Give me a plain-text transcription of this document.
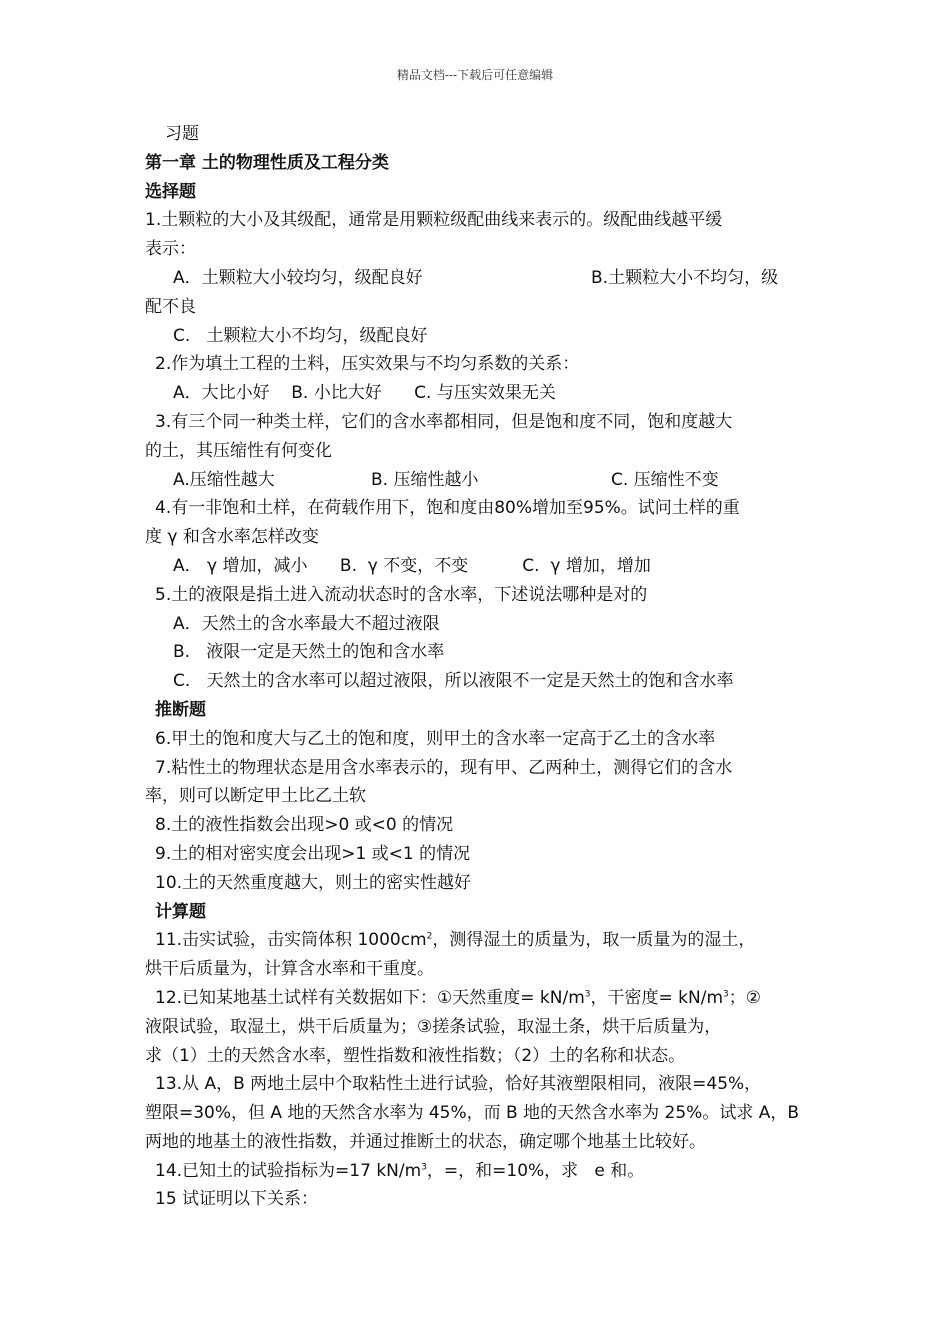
精品文档---下载后可任意编辑
习题
第一章 土的物理性质及工程分类
选择题
1.土颗粒的大小及其级配，通常是用颗粒级配曲线来表示的。级配曲线越平缓
表示：
A．土颗粒大小较均匀，级配良好	B.土颗粒大小不均匀，级
配不良
C.   土颗粒大小不均匀，级配良好
2.作为填土工程的土料，压实效果与不均匀系数的关系：
A．大比小好    B. 小比大好      C. 与压实效果无关
3.有三个同一种类土样，它们的含水率都相同，但是饱和度不同，饱和度越大
的土，其压缩性有何变化
A.压缩性越大	B. 压缩性越小	C. 压缩性不变
4.有一非饱和土样，在荷载作用下，饱和度由80%增加至95%。试问土样的重
度 γ 和含水率怎样改变
A． γ 增加，减小      B.  γ 不变，不变          C.  γ 增加，增加
5.土的液限是指土进入流动状态时的含水率，下述说法哪种是对的
A．天然土的含水率最大不超过液限
B.   液限一定是天然土的饱和含水率
C.   天然土的含水率可以超过液限，所以液限不一定是天然土的饱和含水率
推断题
6.甲土的饱和度大与乙土的饱和度，则甲土的含水率一定高于乙土的含水率
7.粘性土的物理状态是用含水率表示的，现有甲、乙两种土，测得它们的含水
率，则可以断定甲土比乙土软
8.土的液性指数会出现>0 或<0 的情况
9.土的相对密实度会出现>1 或<1 的情况
10.土的天然重度越大，则土的密实性越好
计算题
11.击实试验，击实筒体积 $1000cm^2$，测得湿土的质量为，取一质量为的湿土，
烘干后质量为，计算含水率和干重度。
12.已知某地基土试样有关数据如下：①天然重度= $kN/m^3$，干密度= $kN/m^3$；②
液限试验，取湿土，烘干后质量为；③搓条试验，取湿土条，烘干后质量为，
求（1）土的天然含水率，塑性指数和液性指数；（2）土的名称和状态。
13.从 A，B 两地土层中个取粘性土进行试验，恰好其液塑限相同，液限=45%，
塑限=30%，但 A 地的天然含水率为 45%，而 B 地的天然含水率为 25%。试求 A，B
两地的地基土的液性指数，并通过推断土的状态，确定哪个地基土比较好。
14.已知土的试验指标为=17 $kN/m^3$，=，和=10%，求   e 和。
15 试证明以下关系：
